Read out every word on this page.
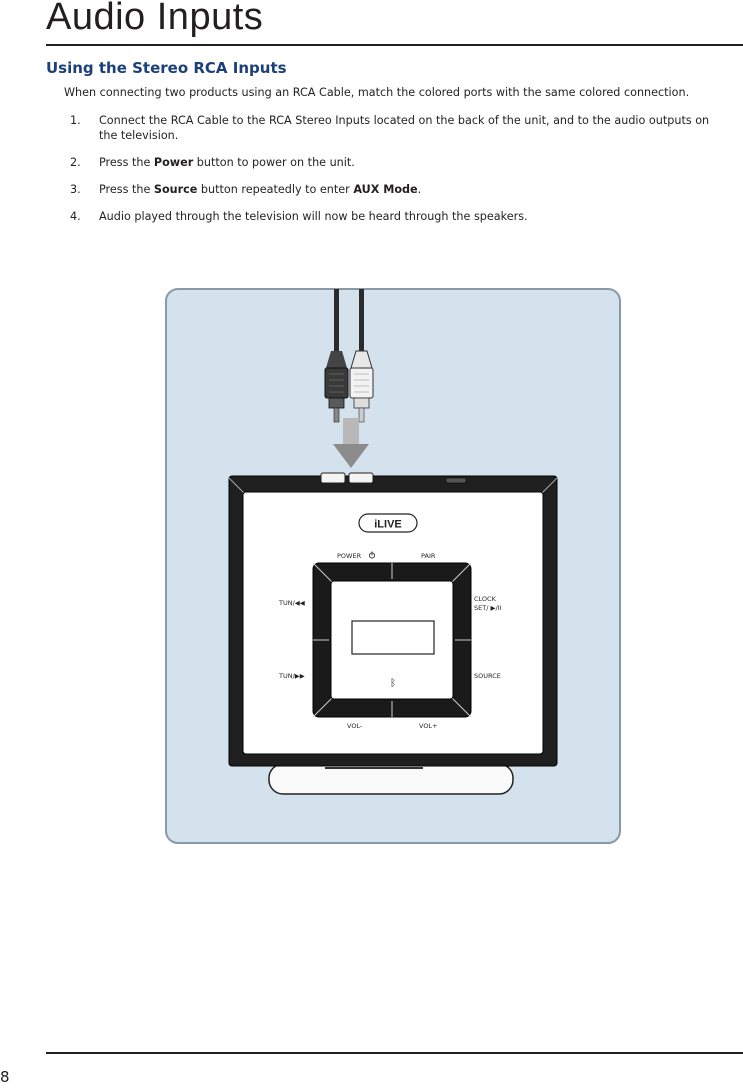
Audio Inputs
Using the Stereo RCA Inputs
When connecting two products using an RCA Cable, match the colored ports with the same colored connection.
1. Connect the RCA Cable to the RCA Stereo Inputs located on the back of the unit, and to the audio outputs on the television.
2. Press the Power button to power on the unit.
3. Press the Source button repeatedly to enter AUX Mode.
4. Audio played through the television will now be heard through the speakers.
iLIVE
ᛒ
POWER	PAIR
TUN/◀◀
TUN/▶▶
CLOCK
SET/ ▶/II
SOURCE
VOL-	VOL+
8
